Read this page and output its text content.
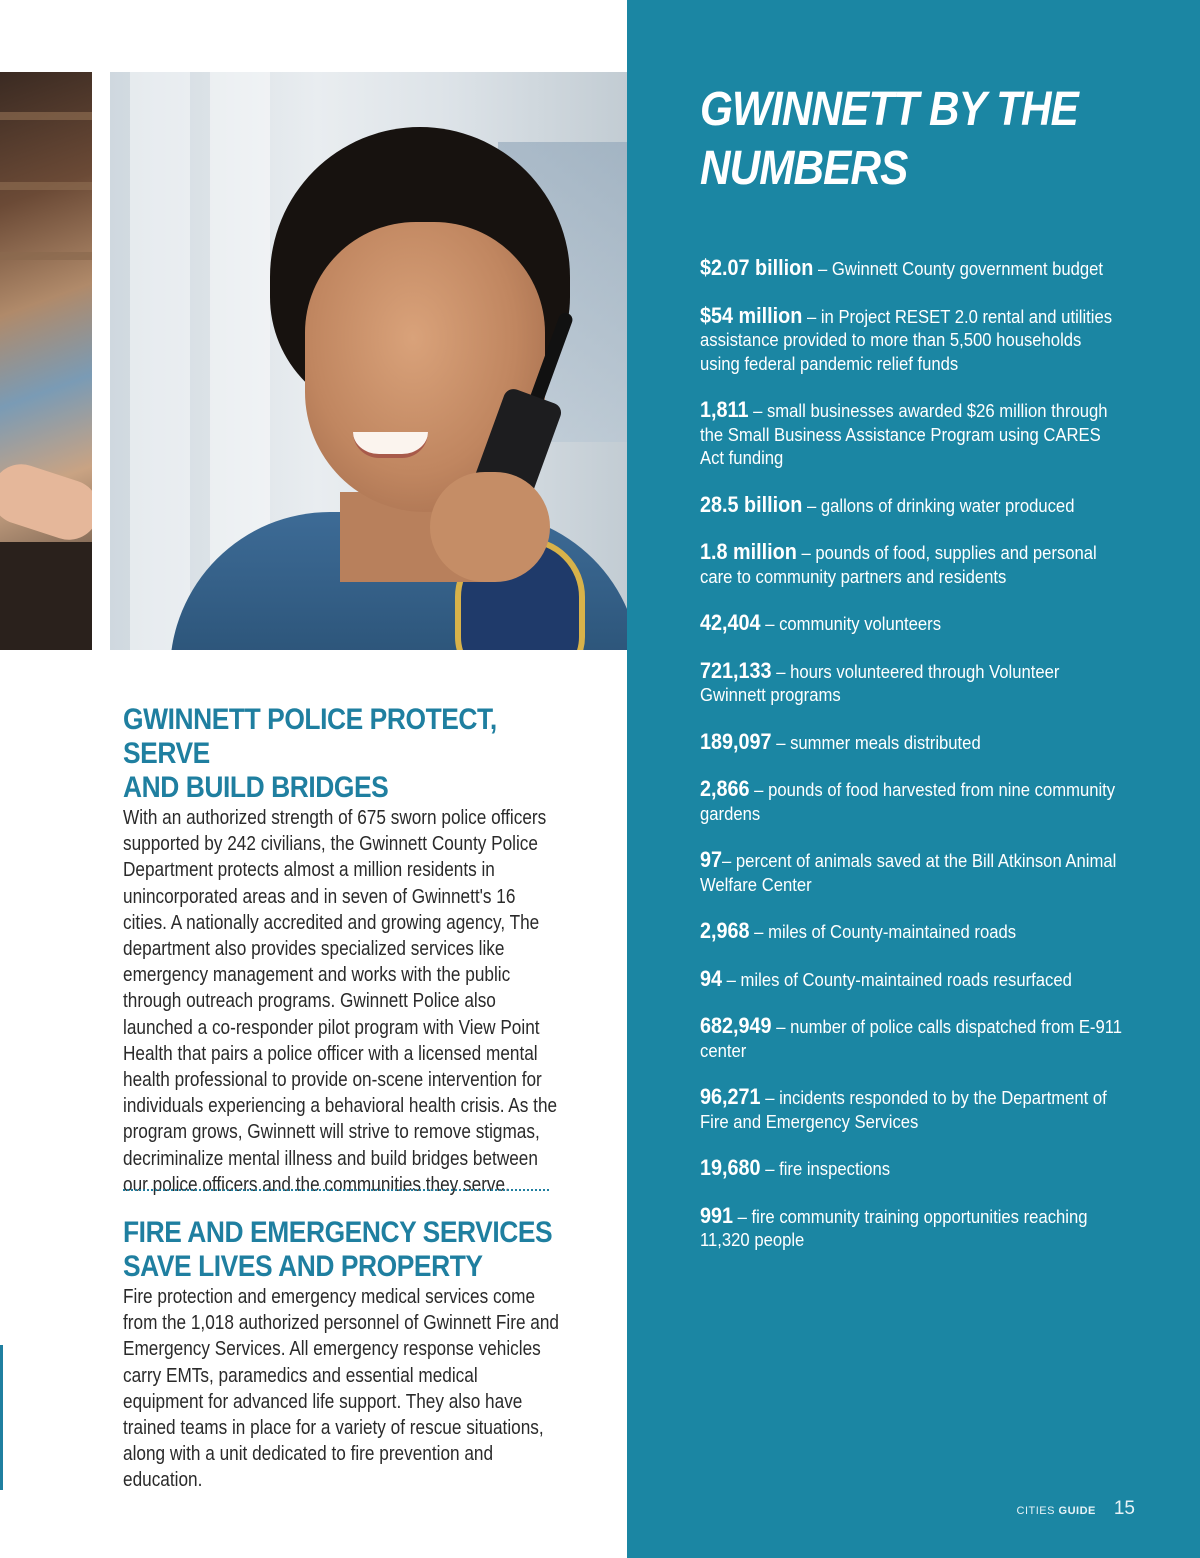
GWINNETT POLICE PROTECT, SERVE
AND BUILD BRIDGES

With an authorized strength of 675 sworn police officers supported by 242 civilians, the Gwinnett County Police Department protects almost a million residents in unincorporated areas and in seven of Gwinnett's 16 cities. A nationally accredited and growing agency, The department also provides specialized services like emergency management and works with the public through outreach programs. Gwinnett Police also launched a co-responder pilot program with View Point Health that pairs a police officer with a licensed mental health professional to provide on-scene intervention for individuals experiencing a behavioral health crisis. As the program grows, Gwinnett will strive to remove stigmas, decriminalize mental illness and build bridges between our police officers and the communities they serve.

FIRE AND EMERGENCY SERVICES
SAVE LIVES AND PROPERTY

Fire protection and emergency medical services come from the 1,018 authorized personnel of Gwinnett Fire and Emergency Services. All emergency response vehicles carry EMTs, paramedics and essential medical equipment for advanced life support. They also have trained teams in place for a variety of rescue situations, along with a unit dedicated to fire prevention and education.

GWINNETT BY THE
NUMBERS
$2.07 billion – Gwinnett County government budget
$54 million – in Project RESET 2.0 rental and utilities assistance provided to more than 5,500 households using federal pandemic relief funds
1,811 – small businesses awarded $26 million through the Small Business Assistance Program using CARES Act funding
28.5 billion – gallons of drinking water produced
1.8 million – pounds of food, supplies and personal care to community partners and residents
42,404 – community volunteers
721,133 – hours volunteered through Volunteer Gwinnett programs
189,097 – summer meals distributed
2,866 – pounds of food harvested from nine community gardens
97– percent of animals saved at the Bill Atkinson Animal Welfare Center
2,968 – miles of County-maintained roads
94 – miles of County-maintained roads resurfaced
682,949 – number of police calls dispatched from E-911 center
96,271 – incidents responded to by the Department of Fire and Emergency Services
19,680 – fire inspections
991 – fire community training opportunities reaching 11,320 people
CITIES GUIDE 15
